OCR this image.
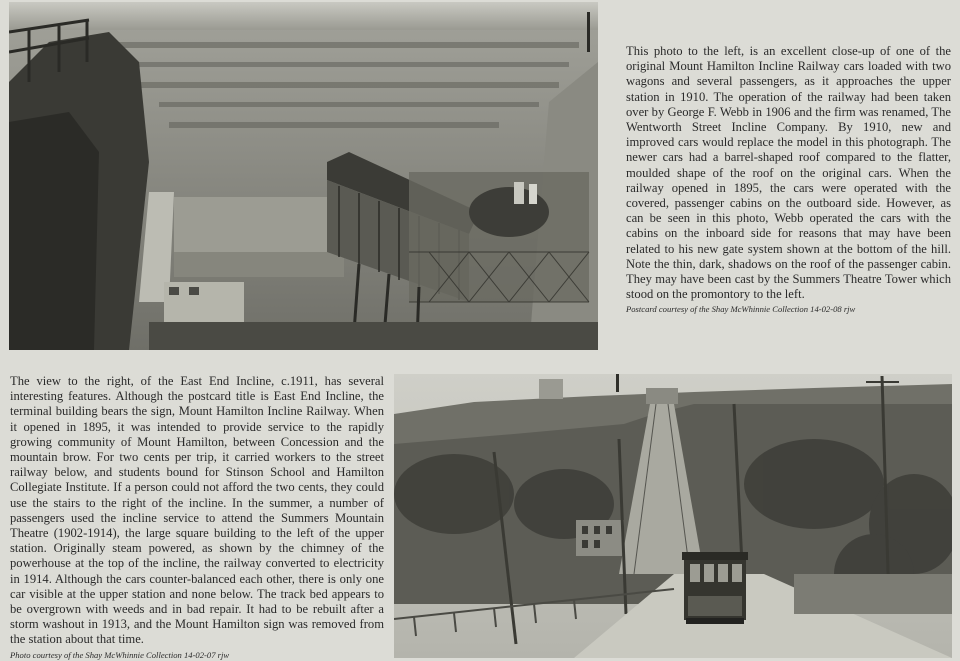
This photo to the left, is an excellent close-up of one of the original Mount Hamilton Incline Railway cars loaded with two wagons and several passengers, as it approaches the upper station in 1910. The operation of the railway had been taken over by George F. Webb in 1906 and the firm was renamed, The Wentworth Street Incline Company. By 1910, new and improved cars would replace the model in this photograph. The newer cars had a barrel-shaped roof compared to the flatter, moulded shape of the roof on the original cars. When the railway opened in 1895, the cars were operated with the covered, passenger cabins on the outboard side. However, as can be seen in this photo, Webb operated the cars with the cabins on the inboard side for reasons that may have been related to his new gate system shown at the bottom of the hill. Note the thin, dark, shadows on the roof of the passenger cabin. They may have been cast by the Summers Theatre Tower which stood on the promontory to the left.
Postcard courtesy of the Shay McWhinnie Collection 14-02-08 rjw
The view to the right, of the East End Incline, c.1911, has several interesting features. Although the postcard title is East End Incline, the terminal building bears the sign, Mount Hamilton Incline Railway. When it opened in 1895, it was intended to provide service to the rapidly growing community of Mount Hamilton, between Concession and the mountain brow. For two cents per trip, it carried workers to the street railway below, and students bound for Stinson School and Hamilton Collegiate Institute. If a person could not afford the two cents, they could use the stairs to the right of the incline. In the summer, a number of passengers used the incline service to attend the Summers Mountain Theatre (1902-1914), the large square building to the left of the upper station. Originally steam powered, as shown by the chimney of the powerhouse at the top of the incline, the railway converted to electricity in 1914. Although the cars counter-balanced each other, there is only one car visible at the upper station and none below. The track bed appears to be overgrown with weeds and in bad repair. It had to be rebuilt after a storm washout in 1913, and the Mount Hamilton sign was removed from the station about that time.
Photo courtesy of the Shay McWhinnie Collection 14-02-07 rjw
